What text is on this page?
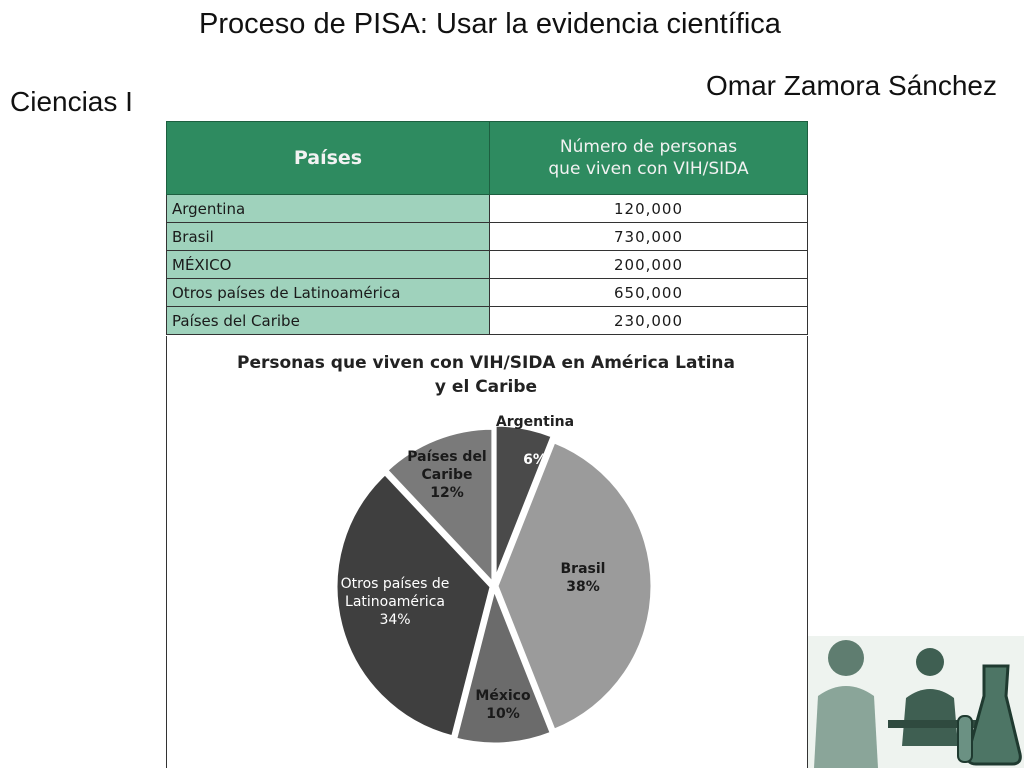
Proceso de PISA: Usar la evidencia científica
Ciencias I
Omar Zamora Sánchez
Países	Número de personas
que viven con VIH/SIDA
Argentina	120,000
Brasil	730,000
MÉXICO	200,000
Otros países de Latinoamérica	650,000
Países del Caribe	230,000
Personas que viven con VIH/SIDA en América Latina
y el Caribe
Argentina
6%
Brasil
38%
México
10%
Otros países de
Latinoamérica
34%
Países del
Caribe
12%
